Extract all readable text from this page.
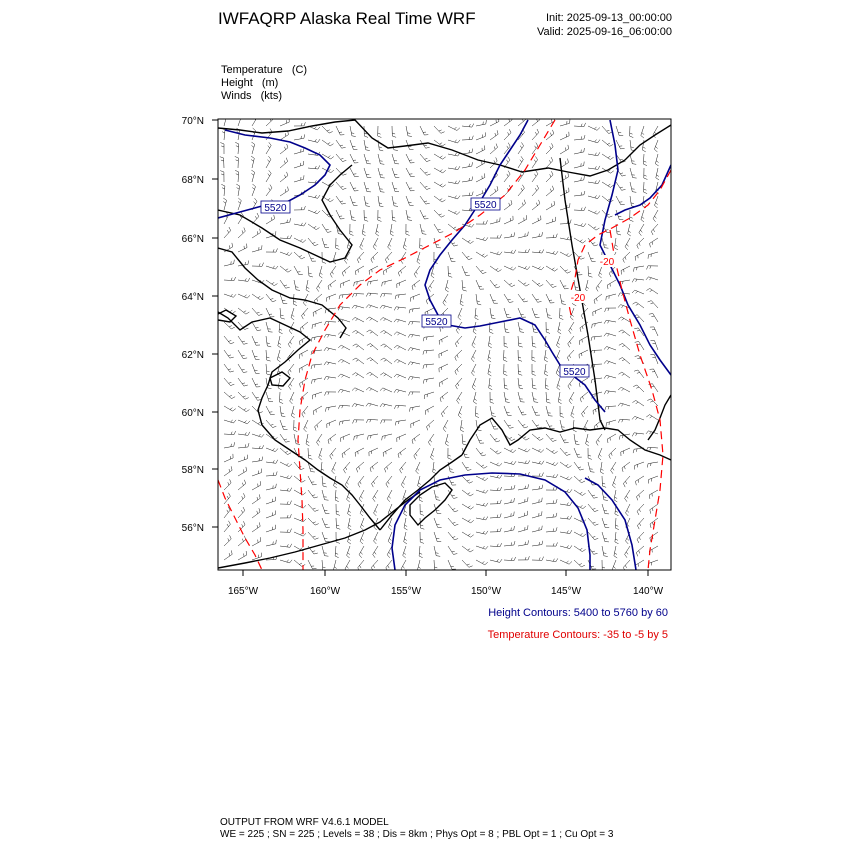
IWFAQRP Alaska Real Time WRF	Init: 2025-09-13_00:00:00
Valid: 2025-09-16_06:00:00
Temperature (C)
Height (m)
Winds (kts)
5520	5520
5520
5520
-20
-20
70°N
68°N
66°N
64°N
62°N
60°N
58°N
56°N
165°W	160°W	155°W	150°W	145°W	140°W
Height Contours: 5400 to 5760 by 60
Temperature Contours: -35 to -5 by 5
OUTPUT FROM WRF V4.6.1 MODEL
WE = 225 ; SN = 225 ; Levels = 38 ; Dis = 8km ; Phys Opt = 8 ; PBL Opt = 1 ; Cu Opt = 3
